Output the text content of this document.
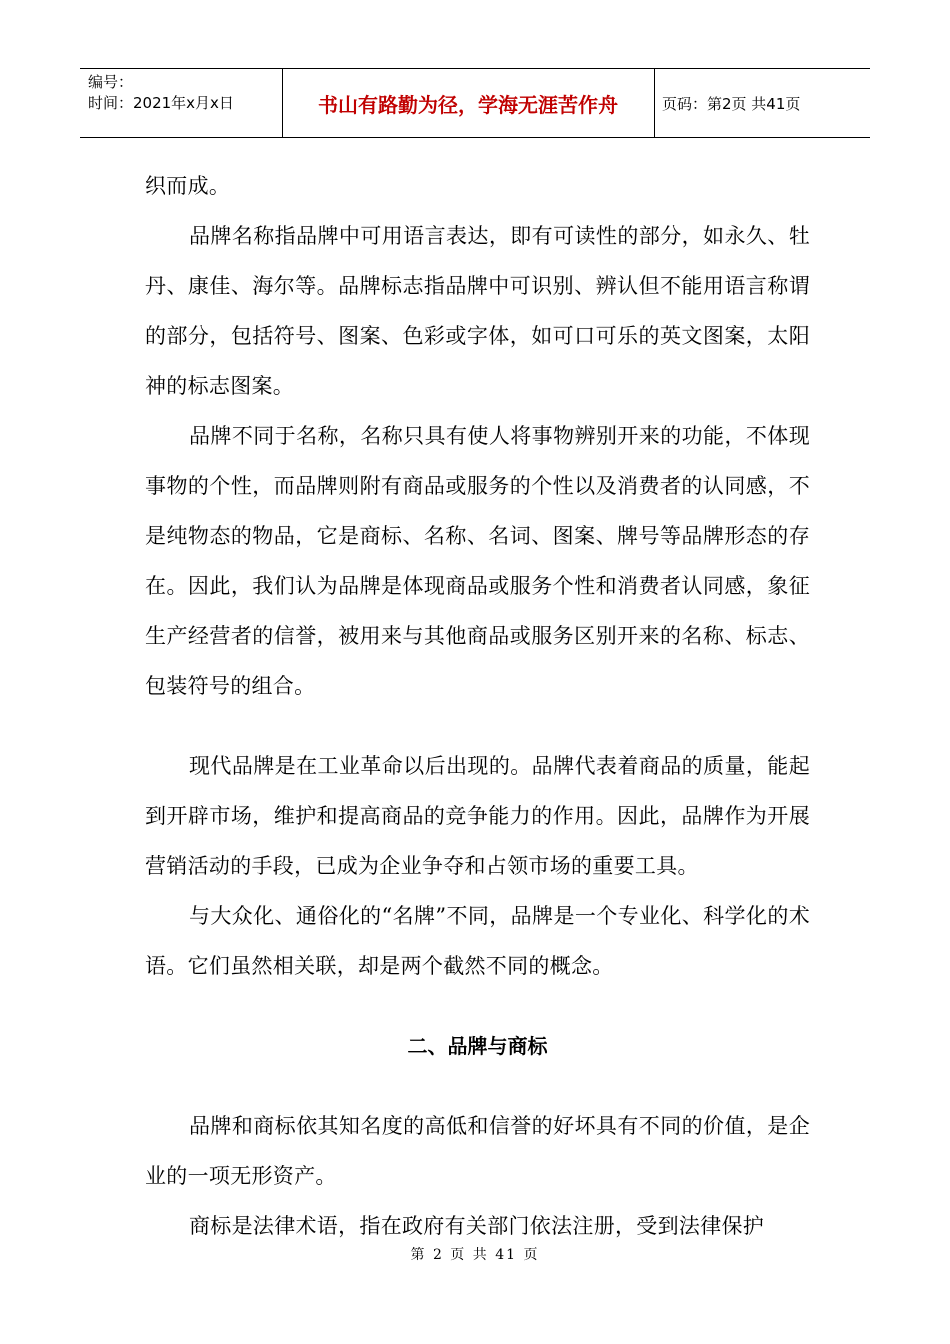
编号：
时间：2021年x月x日	书山有路勤为径，学海无涯苦作舟	页码：第2页 共41页

织而成。

品牌名称指品牌中可用语言表达，即有可读性的部分，如永久、牡丹、康佳、海尔等。品牌标志指品牌中可识别、辨认但不能用语言称谓的部分，包括符号、图案、色彩或字体，如可口可乐的英文图案，太阳神的标志图案。

品牌不同于名称，名称只具有使人将事物辨别开来的功能，不体现事物的个性，而品牌则附有商品或服务的个性以及消费者的认同感，不是纯物态的物品，它是商标、名称、名词、图案、牌号等品牌形态的存在。因此，我们认为品牌是体现商品或服务个性和消费者认同感，象征生产经营者的信誉，被用来与其他商品或服务区别开来的名称、标志、包装符号的组合。

现代品牌是在工业革命以后出现的。品牌代表着商品的质量，能起到开辟市场，维护和提高商品的竞争能力的作用。因此，品牌作为开展营销活动的手段，已成为企业争夺和占领市场的重要工具。

与大众化、通俗化的“名牌”不同，品牌是一个专业化、科学化的术语。它们虽然相关联，却是两个截然不同的概念。

二、品牌与商标

品牌和商标依其知名度的高低和信誉的好坏具有不同的价值，是企业的一项无形资产。

商标是法律术语，指在政府有关部门依法注册，受到法律保护

第 2 页 共 41 页
